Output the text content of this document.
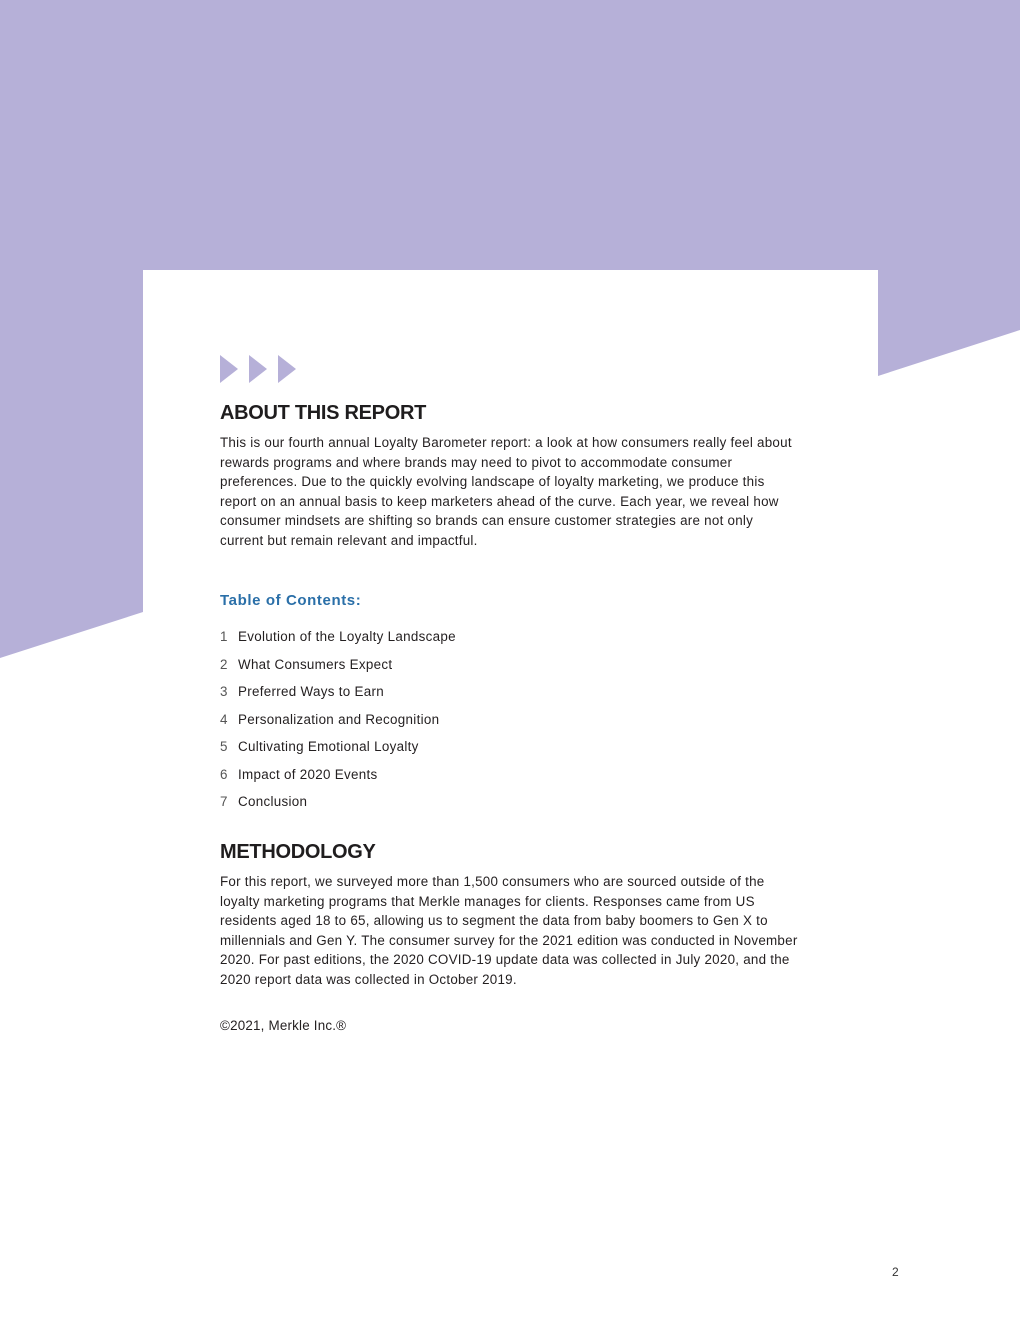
ABOUT THIS REPORT

This is our fourth annual Loyalty Barometer report: a look at how consumers really feel about rewards programs and where brands may need to pivot to accommodate consumer preferences. Due to the quickly evolving landscape of loyalty marketing, we produce this report on an annual basis to keep marketers ahead of the curve. Each year, we reveal how consumer mindsets are shifting so brands can ensure customer strategies are not only current but remain relevant and impactful.

Table of Contents:

1 Evolution of the Loyalty Landscape
2 What Consumers Expect
3 Preferred Ways to Earn
4 Personalization and Recognition
5 Cultivating Emotional Loyalty
6 Impact of 2020 Events
7 Conclusion
METHODOLOGY

For this report, we surveyed more than 1,500 consumers who are sourced outside of the loyalty marketing programs that Merkle manages for clients. Responses came from US residents aged 18 to 65, allowing us to segment the data from baby boomers to Gen X to millennials and Gen Y. The consumer survey for the 2021 edition was conducted in November 2020. For past editions, the 2020 COVID-19 update data was collected in July 2020, and the 2020 report data was collected in October 2019.

©2021, Merkle Inc.®

2
